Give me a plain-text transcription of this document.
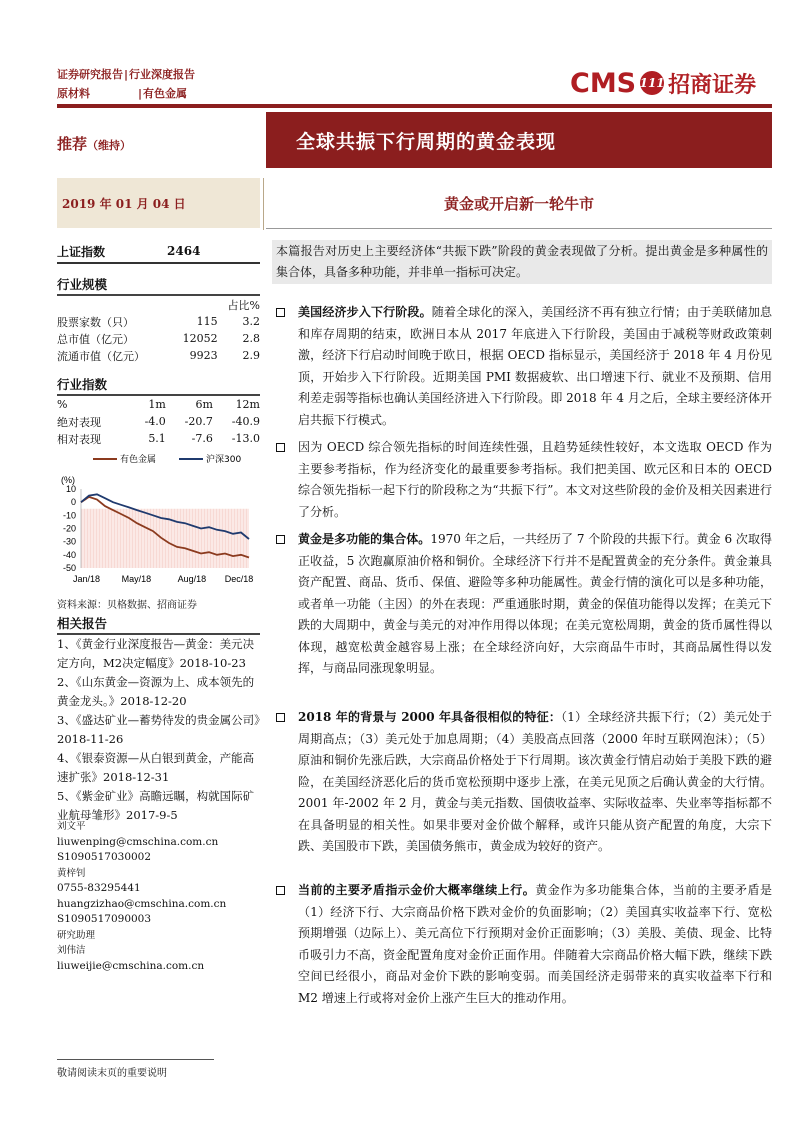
证券研究报告|行业深度报告
原材料	|有色金属	CMS 111 招商证券
推荐（维持）	全球共振下行周期的黄金表现
2019 年 01 月 04 日	黄金或开启新一轮牛市
上证指数	2464
行业规模
		占比%
股票家数（只）	115	3.2
总市值（亿元）	12052	2.8
流通市值（亿元）	9923	2.9
行业指数
%	1m	6m	12m
绝对表现	-4.0	-20.7	-40.9
相对表现	5.1	-7.6	-13.0
(%)
10
0
-10
-20
-30
-40
-50
Jan/18 May/18	Aug/18 Dec/18
有色金属	沪深300
资料来源：贝格数据、招商证券
相关报告
1、《黄金行业深度报告—黄金：美元决定方向，M2决定幅度》2018-10-23
2、《山东黄金—资源为上、成本领先的黄金龙头。》2018-12-20
3、《盛达矿业—蓄势待发的贵金属公司》2018-11-26
4、《银泰资源—从白银到黄金，产能高速扩张》2018-12-31
5、《紫金矿业》高瞻远瞩，构就国际矿业航母雏形》2017-9-5
刘文平
liuwenping@cmschina.com.cn
S1090517030002
黄梓钊
0755-83295441
huangzizhao@cmschina.com.cn
S1090517090003
研究助理
刘伟洁
liuweijie@cmschina.com.cn
敬请阅读末页的重要说明
本篇报告对历史上主要经济体“共振下跌”阶段的黄金表现做了分析。提出黄金是多种属性的集合体，具备多种功能，并非单一指标可决定。
美国经济步入下行阶段。随着全球化的深入，美国经济不再有独立行情；由于美联储加息和库存周期的结束，欧洲日本从 2017 年底进入下行阶段，美国由于减税等财政政策刺激，经济下行启动时间晚于欧日，根据 OECD 指标显示，美国经济于 2018 年 4 月份见顶，开始步入下行阶段。近期美国 PMI 数据疲软、出口增速下行、就业不及预期、信用利差走弱等指标也确认美国经济进入下行阶段。即 2018 年 4 月之后，全球主要经济体开启共振下行模式。
因为 OECD 综合领先指标的时间连续性强，且趋势延续性较好，本文选取 OECD 作为主要参考指标，作为经济变化的最重要参考指标。我们把美国、欧元区和日本的 OECD 综合领先指标一起下行的阶段称之为“共振下行”。本文对这些阶段的金价及相关因素进行了分析。
黄金是多功能的集合体。1970 年之后，一共经历了 7 个阶段的共振下行。黄金 6 次取得正收益，5 次跑赢原油价格和铜价。全球经济下行并不是配置黄金的充分条件。黄金兼具资产配置、商品、货币、保值、避险等多种功能属性。黄金行情的演化可以是多种功能，或者单一功能（主因）的外在表现：严重通胀时期，黄金的保值功能得以发挥；在美元下跌的大周期中，黄金与美元的对冲作用得以体现；在美元宽松周期，黄金的货币属性得以体现，越宽松黄金越容易上涨；在全球经济向好，大宗商品牛市时，其商品属性得以发挥，与商品同涨现象明显。
2018 年的背景与 2000 年具备很相似的特征：（1）全球经济共振下行；（2）美元处于周期高点；（3）美元处于加息周期；（4）美股高点回落（2000 年时互联网泡沫）；（5）原油和铜价先涨后跌，大宗商品价格处于下行周期。该次黄金行情启动始于美股下跌的避险，在美国经济恶化后的货币宽松预期中逐步上涨，在美元见顶之后确认黄金的大行情。2001 年-2002 年 2 月，黄金与美元指数、国债收益率、实际收益率、失业率等指标都不在具备明显的相关性。如果非要对金价做个解释，或许只能从资产配置的角度，大宗下跌、美国股市下跌，美国债务熊市，黄金成为较好的资产。
当前的主要矛盾指示金价大概率继续上行。黄金作为多功能集合体，当前的主要矛盾是（1）经济下行、大宗商品价格下跌对金价的负面影响；（2）美国真实收益率下行、宽松预期增强（边际上）、美元高位下行预期对金价正面影响；（3）美股、美债、现金、比特币吸引力不高，资金配置角度对金价正面作用。伴随着大宗商品价格大幅下跌，继续下跌空间已经很小，商品对金价下跌的影响变弱。而美国经济走弱带来的真实收益率下行和 M2 增速上行或将对金价上涨产生巨大的推动作用。
